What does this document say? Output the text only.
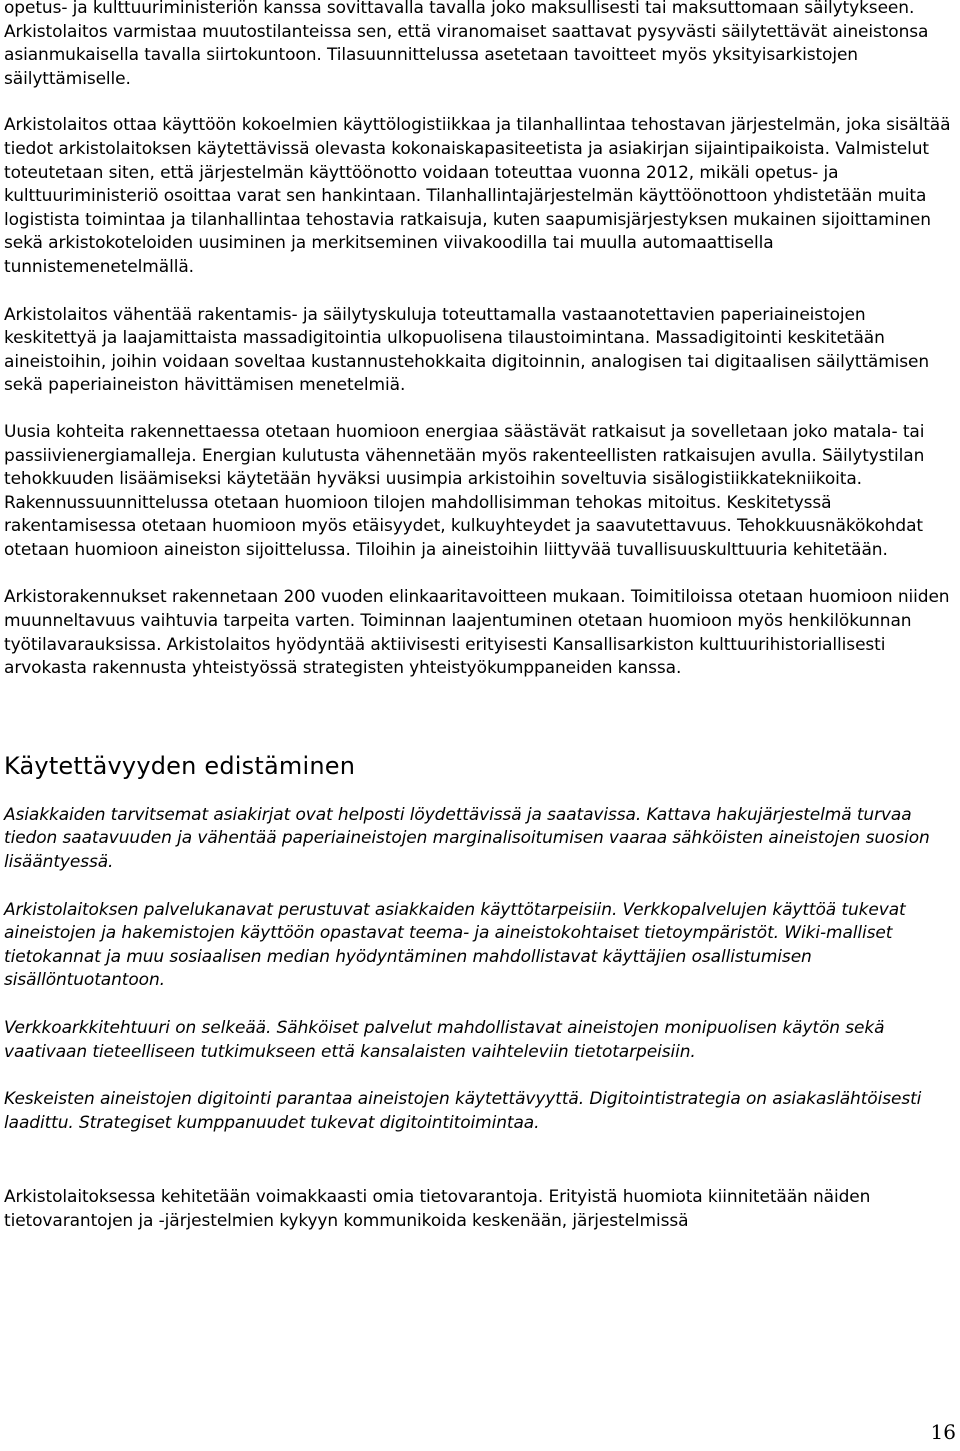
opetus- ja kulttuuriministeriön kanssa sovittavalla tavalla joko maksullisesti tai maksuttomaan säilytykseen. Arkistolaitos varmistaa muutostilanteissa sen, että viranomaiset saattavat pysyvästi säilytettävät aineistonsa asianmukaisella tavalla siirtokuntoon. Tilasuunnittelussa asetetaan tavoitteet myös yksityisarkistojen säilyttämiselle.

Arkistolaitos ottaa käyttöön kokoelmien käyttölogistiikkaa ja tilanhallintaa tehostavan järjestelmän, joka sisältää tiedot arkistolaitoksen käytettävissä olevasta kokonaiskapasiteetista ja asiakirjan sijaintipaikoista. Valmistelut toteutetaan siten, että järjestelmän käyttöönotto voidaan toteuttaa vuonna 2012, mikäli opetus- ja kulttuuriministeriö osoittaa varat sen hankintaan. Tilanhallintajärjestelmän käyttöönottoon yhdistetään muita logistista toimintaa ja tilanhallintaa tehostavia ratkaisuja, kuten saapumisjärjestyksen mukainen sijoittaminen sekä arkistokoteloiden uusiminen ja merkitseminen viivakoodilla tai muulla automaattisella tunnistemenetelmällä.

Arkistolaitos vähentää rakentamis- ja säilytyskuluja toteuttamalla vastaanotettavien paperiaineistojen keskitettyä ja laajamittaista massadigitointia ulkopuolisena tilaustoimintana. Massadigitointi keskitetään aineistoihin, joihin voidaan soveltaa kustannustehokkaita digitoinnin, analogisen tai digitaalisen säilyttämisen sekä paperiaineiston hävittämisen menetelmiä.

Uusia kohteita rakennettaessa otetaan huomioon energiaa säästävät ratkaisut ja sovelletaan joko matala- tai passiivienergiamalleja. Energian kulutusta vähennetään myös rakenteellisten ratkaisujen avulla. Säilytystilan tehokkuuden lisäämiseksi käytetään hyväksi uusimpia arkistoihin soveltuvia sisälogistiikkatekniikoita. Rakennussuunnittelussa otetaan huomioon tilojen mahdollisimman tehokas mitoitus. Keskitetyssä rakentamisessa otetaan huomioon myös etäisyydet, kulkuyhteydet ja saavutettavuus. Tehokkuusnäkökohdat otetaan huomioon aineiston sijoittelussa. Tiloihin ja aineistoihin liittyvää tuvallisuuskulttuuria kehitetään.

Arkistorakennukset rakennetaan 200 vuoden elinkaaritavoitteen mukaan. Toimitiloissa otetaan huomioon niiden muunneltavuus vaihtuvia tarpeita varten. Toiminnan laajentuminen otetaan huomioon myös henkilökunnan työtilavarauksissa. Arkistolaitos hyödyntää aktiivisesti erityisesti Kansallisarkiston kulttuurihistoriallisesti arvokasta rakennusta yhteistyössä strategisten yhteistyökumppaneiden kanssa.

Käytettävyyden edistäminen

Asiakkaiden tarvitsemat asiakirjat ovat helposti löydettävissä ja saatavissa. Kattava hakujärjestelmä turvaa tiedon saatavuuden ja vähentää paperiaineistojen marginalisoitumisen vaaraa sähköisten aineistojen suosion lisääntyessä.

Arkistolaitoksen palvelukanavat perustuvat asiakkaiden käyttötarpeisiin. Verkkopalvelujen käyttöä tukevat aineistojen ja hakemistojen käyttöön opastavat teema- ja aineistokohtaiset tietoympäristöt. Wiki-malliset tietokannat ja muu sosiaalisen median hyödyntäminen mahdollistavat käyttäjien osallistumisen sisällöntuotantoon.

Verkkoarkkitehtuuri on selkeää. Sähköiset palvelut mahdollistavat aineistojen monipuolisen käytön sekä vaativaan tieteelliseen tutkimukseen että kansalaisten vaihteleviin tietotarpeisiin.

Keskeisten aineistojen digitointi parantaa aineistojen käytettävyyttä. Digitointistrategia on asiakaslähtöisesti laadittu. Strategiset kumppanuudet tukevat digitointitoimintaa.

Arkistolaitoksessa kehitetään voimakkaasti omia tietovarantoja. Erityistä huomiota kiinnitetään näiden tietovarantojen ja -järjestelmien kykyyn kommunikoida keskenään, järjestelmissä

16
